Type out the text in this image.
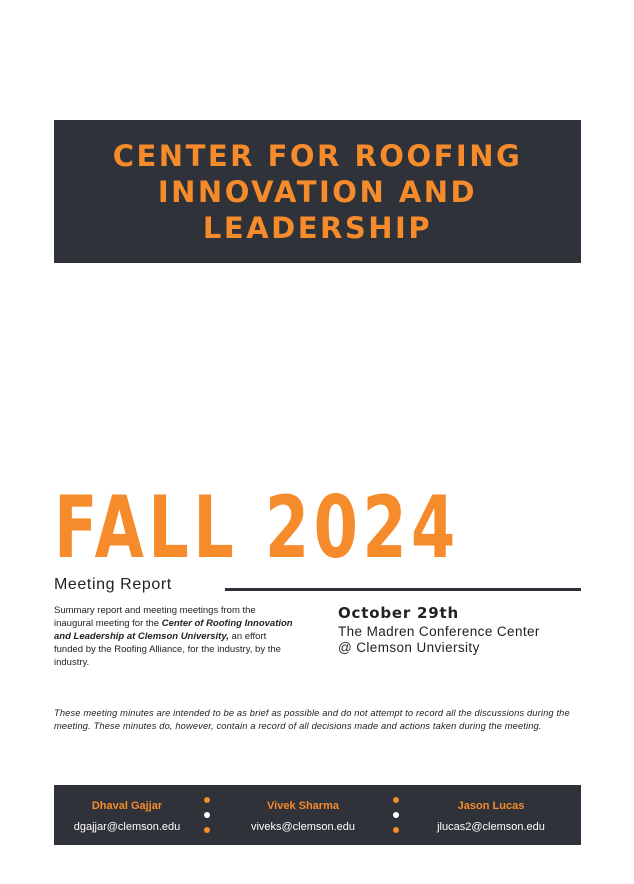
CENTER FOR ROOFING
INNOVATION AND
LEADERSHIP
FALL 2024
Meeting Report

Summary report and meeting meetings from the inaugural meeting for the Center of Roofing Innovation and Leadership at Clemson University, an effort funded by the Roofing Alliance, for the industry, by the industry.

October 29th
The Madren Conference Center
@ Clemson Unviersity

These meeting minutes are intended to be as brief as possible and do not attempt to record all the discussions during the meeting. These minutes do, however, contain a record of all decisions made and actions taken during the meeting.

Dhaval Gajjar
dgajjar@clemson.edu
Vivek Sharma
viveks@clemson.edu
Jason Lucas
jlucas2@clemson.edu
